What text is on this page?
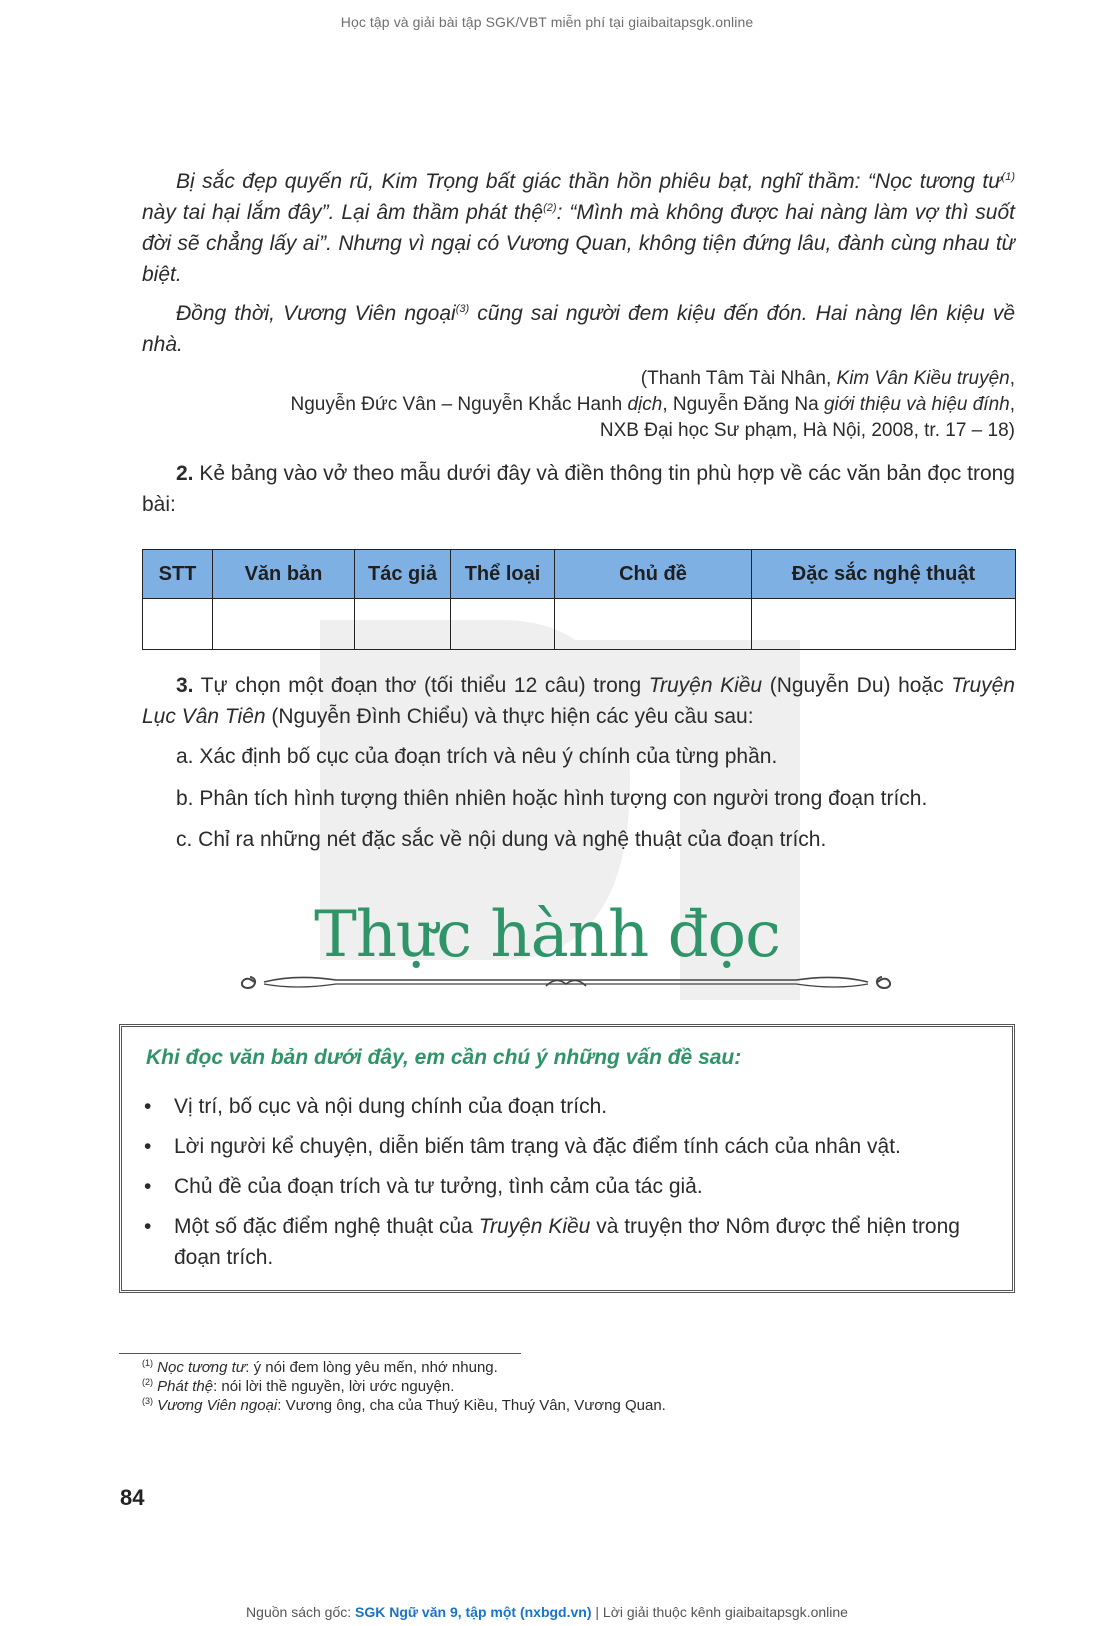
Học tập và giải bài tập SGK/VBT miễn phí tại giaibaitapsgk.online
Bị sắc đẹp quyến rũ, Kim Trọng bất giác thần hồn phiêu bạt, nghĩ thầm: “Nọc tương $tư^{(1)}$ này tai hại lắm đây”. Lại âm thầm phát thệ$^{(2)}$: “Mình mà không được hai nàng làm vợ thì suốt đời sẽ chẳng lấy ai”. Nhưng vì ngại có Vương Quan, không tiện đứng lâu, đành cùng nhau từ biệt.
Đồng thời, Vương Viên ngoại$^{(3)}$ cũng sai người đem kiệu đến đón. Hai nàng lên kiệu về nhà.
(Thanh Tâm Tài Nhân, Kim Vân Kiều truyện,
Nguyễn Đức Vân – Nguyễn Khắc Hanh dịch, Nguyễn Đăng Na giới thiệu và hiệu đính,
NXB Đại học Sư phạm, Hà Nội, 2008, tr. 17 – 18)
2. Kẻ bảng vào vở theo mẫu dưới đây và điền thông tin phù hợp về các văn bản đọc trong bài:
STT	Văn bản	Tác giả	Thể loại	Chủ đề	Đặc sắc nghệ thuật

3. Tự chọn một đoạn thơ (tối thiểu 12 câu) trong Truyện Kiều (Nguyễn Du) hoặc Truyện Lục Vân Tiên (Nguyễn Đình Chiểu) và thực hiện các yêu cầu sau:
a. Xác định bố cục của đoạn trích và nêu ý chính của từng phần.
b. Phân tích hình tượng thiên nhiên hoặc hình tượng con người trong đoạn trích.
c. Chỉ ra những nét đặc sắc về nội dung và nghệ thuật của đoạn trích.
Thực hành đọc
Khi đọc văn bản dưới đây, em cần chú ý những vấn đề sau:
• Vị trí, bố cục và nội dung chính của đoạn trích.
• Lời người kể chuyện, diễn biến tâm trạng và đặc điểm tính cách của nhân vật.
• Chủ đề của đoạn trích và tư tưởng, tình cảm của tác giả.
• Một số đặc điểm nghệ thuật của Truyện Kiều và truyện thơ Nôm được thể hiện trong đoạn trích.
$^{(1)}$ Nọc tương tư: ý nói đem lòng yêu mến, nhớ nhung.
$^{(2)}$ Phát thệ: nói lời thề nguyền, lời ước nguyện.
$^{(3)}$ Vương Viên ngoại: Vương ông, cha của Thuý Kiều, Thuý Vân, Vương Quan.
84
Nguồn sách gốc: SGK Ngữ văn 9, tập một (nxbgd.vn) | Lời giải thuộc kênh giaibaitapsgk.online
